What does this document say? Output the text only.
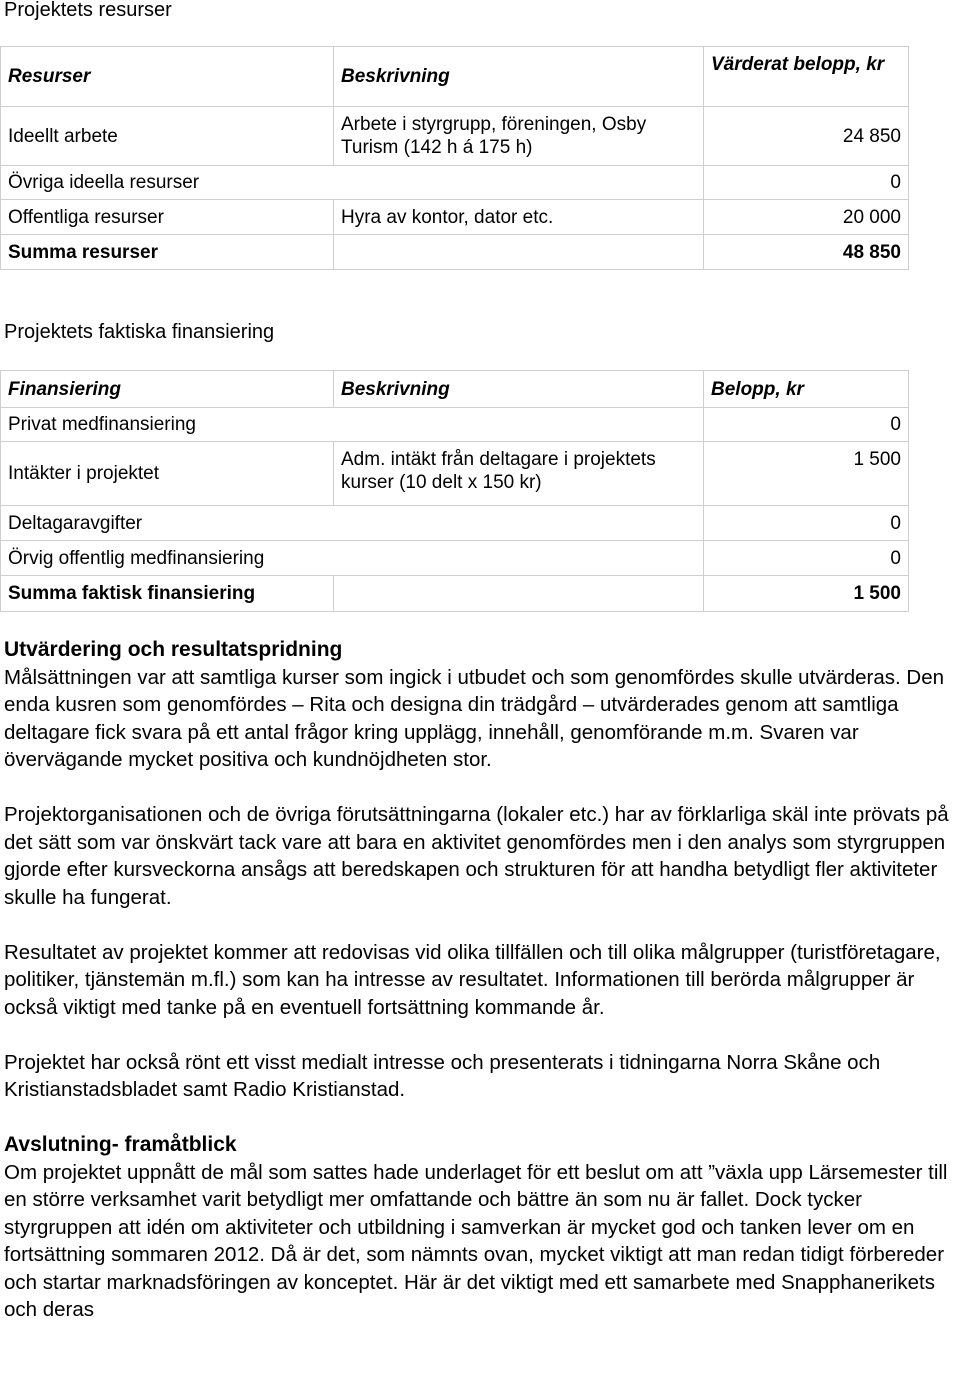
Projektets resurser
Resurser	Beskrivning	Värderat belopp, kr
Ideellt arbete	Arbete i styrgrupp, föreningen, Osby Turism (142 h á 175 h)	24 850
Övriga ideella resurser		0
Offentliga resurser	Hyra av kontor, dator etc.	20 000
Summa resurser		48 850
Projektets faktiska finansiering
Finansiering	Beskrivning	Belopp, kr
Privat medfinansiering		0
Intäkter i projektet	Adm. intäkt från deltagare i projektets kurser (10 delt x 150 kr)	1 500
Deltagaravgifter		0
Örvig offentlig medfinansiering		0
Summa faktisk finansiering		1 500
Utvärdering och resultatspridning

Målsättningen var att samtliga kurser som ingick i utbudet och som genomfördes skulle utvärderas. Den enda kusren som genomfördes – Rita och designa din trädgård – utvärderades genom att samtliga deltagare fick svara på ett antal frågor kring upplägg, innehåll, genomförande m.m. Svaren var övervägande mycket positiva och kundnöjdheten stor.

Projektorganisationen och de övriga förutsättningarna (lokaler etc.) har av förklarliga skäl inte prövats på det sätt som var önskvärt tack vare att bara en aktivitet genomfördes men i den analys som styrgruppen gjorde efter kursveckorna ansågs att beredskapen och strukturen för att handha betydligt fler aktiviteter skulle ha fungerat.

Resultatet av projektet kommer att redovisas vid olika tillfällen och till olika målgrupper (turistföretagare, politiker, tjänstemän m.fl.) som kan ha intresse av resultatet. Informationen till berörda målgrupper är också viktigt med tanke på en eventuell fortsättning kommande år.

Projektet har också rönt ett visst medialt intresse och presenterats i tidningarna Norra Skåne och Kristianstadsbladet samt Radio Kristianstad.

Avslutning- framåtblick

Om projektet uppnått de mål som sattes hade underlaget för ett beslut om att ”växla upp Lärsemester till en större verksamhet varit betydligt mer omfattande och bättre än som nu är fallet. Dock tycker styrgruppen att idén om aktiviteter och utbildning i samverkan är mycket god och tanken lever om en fortsättning sommaren 2012. Då är det, som nämnts ovan, mycket viktigt att man redan tidigt förbereder och startar marknadsföringen av konceptet. Här är det viktigt med ett samarbete med Snapphanerikets och deras
